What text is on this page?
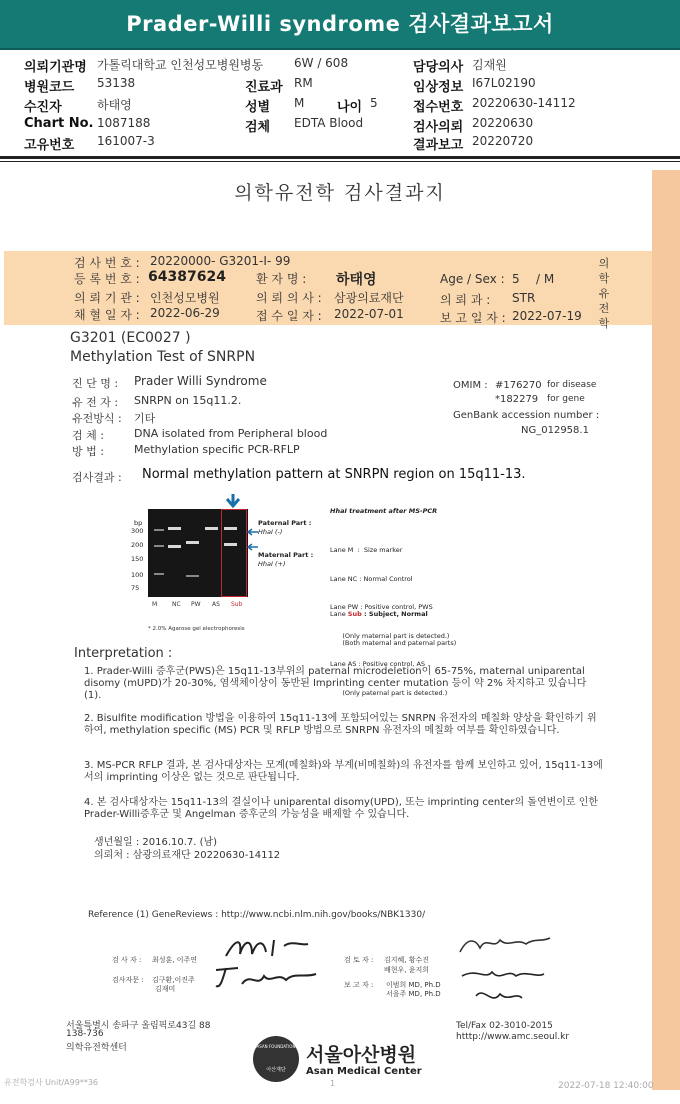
Prader-Willi syndrome 검사결과보고서
의뢰기관명 가톨릭대학교 인천성모병원병동	6W / 608	담당의사 김재원
병원코드 53138	진료과 RM	임상정보 I67L02190
수진자	하태영	성별 M	나이 5	접수번호 20220630-14112
Chart No. 1087188	검체 EDTA Blood	검사의뢰 20220630
고유번호 161007-3	결과보고 20220720
의학유전학 검사결과지
검 사 번 호 : 20220000- G3201-I- 99
등 록 번 호 : 64387624	환 자 명 : 하태영	Age / Sex : 5 / M
의 뢰 기 관 : 인천성모병원	의 뢰 의 사 : 삼광의료재단	의 뢰 과 : STR
채 혈 일 자 : 2022-06-29	접 수 일 자 : 2022-07-01	보 고 일 자 : 2022-07-19
의학유전학
G3201 (EC0027 )
Methylation Test of SNRPN
진 단 명 : Prader Willi Syndrome
유 전 자 : SNRPN on 15q11.2.
유전방식 : 기타
검 체 :	DNA isolated from Peripheral blood
방 법 :	Methylation specific PCR-RFLP
OMIM : #176270 for disease
*182279 for gene
GenBank accession number :
NG_012958.1
검사결과 : Normal methylation pattern at SNRPN region on 15q11-13.
bp
300
200
150
100
75
M NC PW AS Sub
Paternal Part :
HhaI (-)
Maternal Part :
HhaI (+)
* 2.0% Agarose gel electrophoresis
HhaI treatment after MS-PCR

Lane M  :  Size marker

Lane NC : Normal Control

Lane PW : Positive control, PWS

(Only maternal part is detected.)

Lane AS : Positive control, AS

(Only paternal part is detected.)

Lane Sub : Subject, Normal

(Both maternal and paternal parts)

Interpretation :
1. Prader-Willi 증후군(PWS)은 15q11-13부위의 paternal microdeletion이 65-75%, maternal uniparental disomy (mUPD)가 20-30%, 염색체이상이 동반된 Imprinting center mutation 등이 약 2% 차지하고 있습니다 (1).
2. Bisulfite modification 방법을 이용하여 15q11-13에 포함되어있는 SNRPN 유전자의 메칠화 양상을 확인하기 위하여, methylation specific (MS) PCR 및 RFLP 방법으로 SNRPN 유전자의 메칠화 여부를 확인하였습니다.
3. MS-PCR RFLP 결과, 본 검사대상자는 모계(메칠화)와 부계(비메칠화)의 유전자를 함께 보인하고 있어, 15q11-13에서의 imprinting 이상은 없는 것으로 판단됩니다.
4. 본 검사대상자는 15q11-13의 결실이나 uniparental disomy(UPD), 또는 imprinting center의 돌연변이로 인한 Prader-Willi증후군 및 Angelman 증후군의 가능성을 배제할 수 있습니다.
생년월일 : 2016.10.7. (남)
의뢰처 : 삼광의료재단 20220630-14112
Reference (1) GeneReviews : http://www.ncbi.nlm.nih.gov/books/NBK1330/
검 사 자 : 최성훈, 이주연
검사자문 : 김구환,이진주
김재미
검 토 자 : 김지혜, 황수진
배현우, 윤지희
보 고 자 : 이범희 MD, Ph.D
서을주 MD, Ph.D
서울특별시 송파구 올림픽로43길 88
138-736
의학유전학센터	ASAN FOUNDATION
아산재단
서울아산병원
Asan Medical Center
Tel/Fax 02-3010-2015
htttp://www.amc.seoul.kr
유전학검사 Unit/A99**36	1	2022-07-18 12:40:00
